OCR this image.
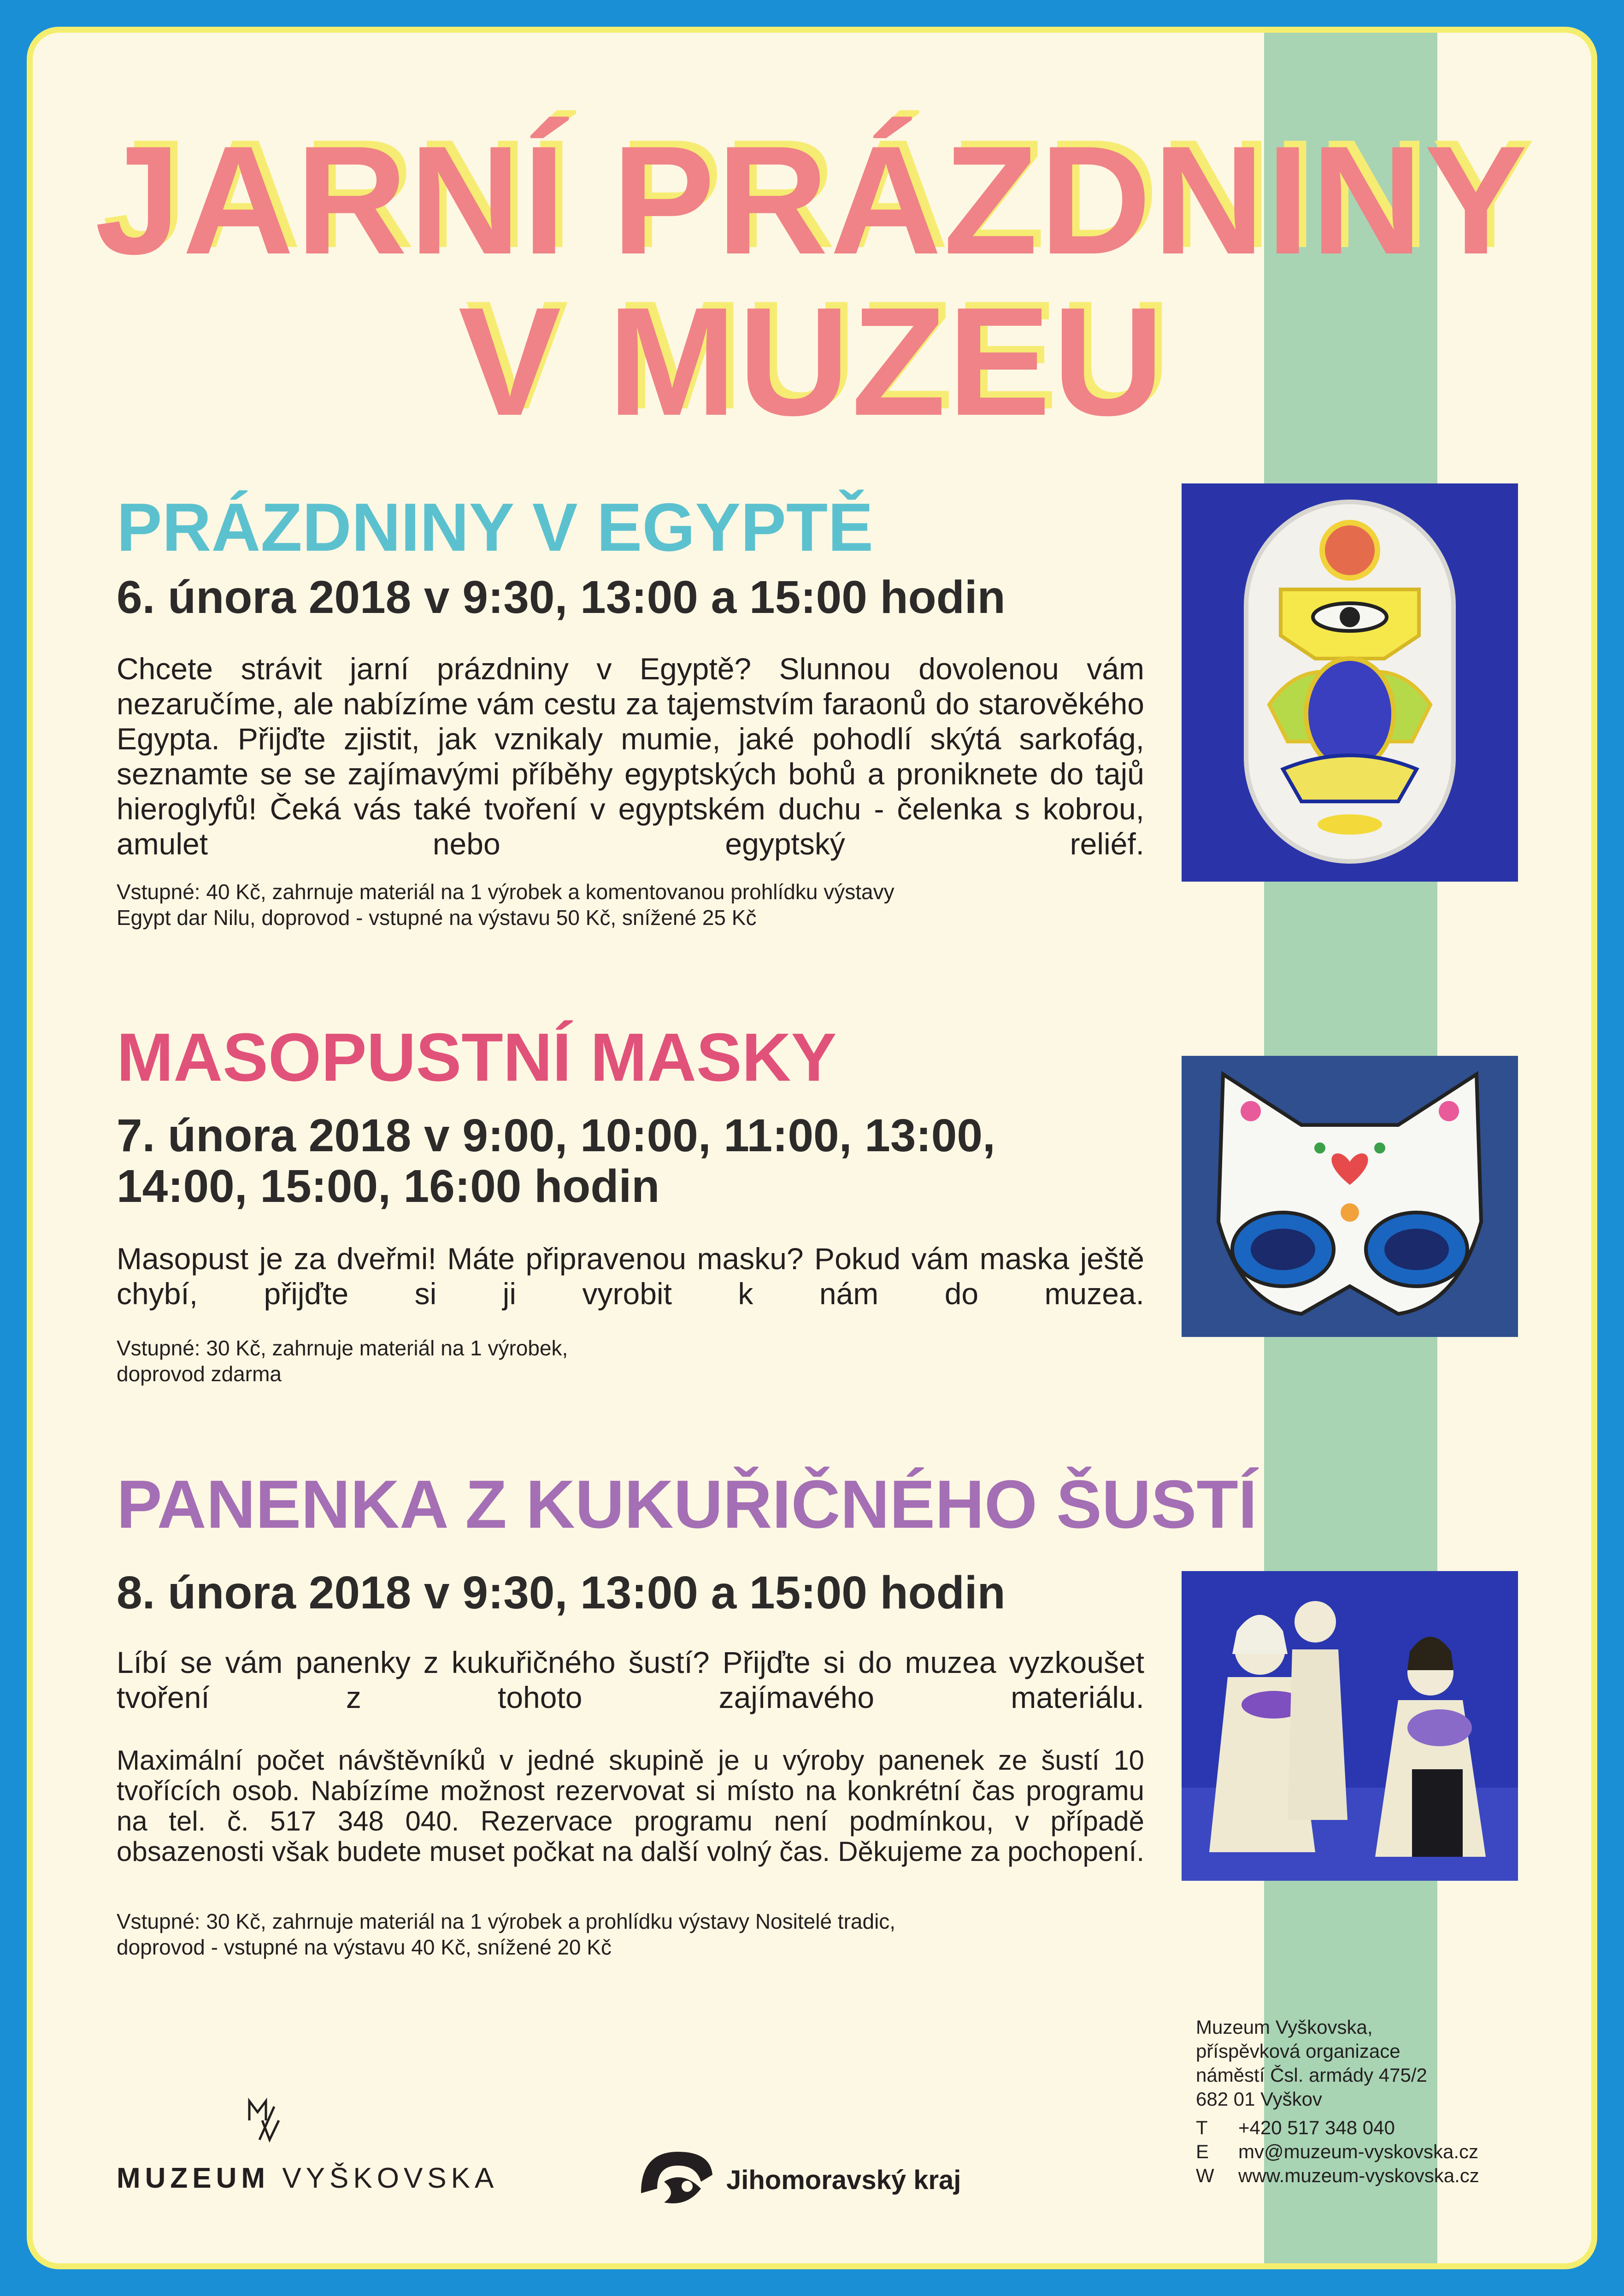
JARNÍ PRÁZDNINY
V MUZEU
PRÁZDNINY V EGYPTĚ
6. února 2018 v 9:30, 13:00 a 15:00 hodin
Chcete strávit jarní prázdniny v Egyptě? Slunnou dovolenou vám nezaručíme, ale nabízíme vám cestu za tajemstvím faraonů do starověkého Egypta. Přijďte zjistit, jak vznikaly mumie, jaké pohodlí skýtá sarkofág, seznamte se se zajímavými příběhy egyptských bohů a proniknete do tajů hieroglyfů! Čeká vás také tvoření v egyptském duchu - čelenka s kobrou, amulet nebo egyptský reliéf.
Vstupné: 40 Kč, zahrnuje materiál na 1 výrobek a komentovanou prohlídku výstavy
Egypt dar Nilu, doprovod - vstupné na výstavu 50 Kč, snížené 25 Kč
MASOPUSTNÍ MASKY
7. února 2018 v 9:00, 10:00, 11:00, 13:00,
14:00, 15:00, 16:00 hodin
Masopust je za dveřmi! Máte připravenou masku? Pokud vám maska ještě chybí, přijďte si ji vyrobit k nám do muzea.
Vstupné: 30 Kč, zahrnuje materiál na 1 výrobek,
doprovod zdarma
PANENKA Z KUKUŘIČNÉHO ŠUSTÍ
8. února 2018 v 9:30, 13:00 a 15:00 hodin
Líbí se vám panenky z kukuřičného šustí? Přijďte si do muzea vyzkoušet tvoření z tohoto zajímavého materiálu.
Maximální počet návštěvníků v jedné skupině je u výroby panenek ze šustí 10 tvořících osob. Nabízíme možnost rezervovat si místo na konkrétní čas programu na tel. č. 517 348 040. Rezervace programu není podmínkou, v případě obsazenosti však budete muset počkat na další volný čas. Děkujeme za pochopení.
Vstupné: 30 Kč, zahrnuje materiál na 1 výrobek a prohlídku výstavy Nositelé tradic,
doprovod - vstupné na výstavu 40 Kč, snížené 20 Kč
Muzeum Vyškovska,
příspěvková organizace
náměstí Čsl. armády 475/2
682 01 Vyškov
T	+420 517 348 040
E	mv@muzeum-vyskovska.cz
W	www.muzeum-vyskovska.cz
MUZEUM VYŠKOVSKA	Jihomoravský kraj
